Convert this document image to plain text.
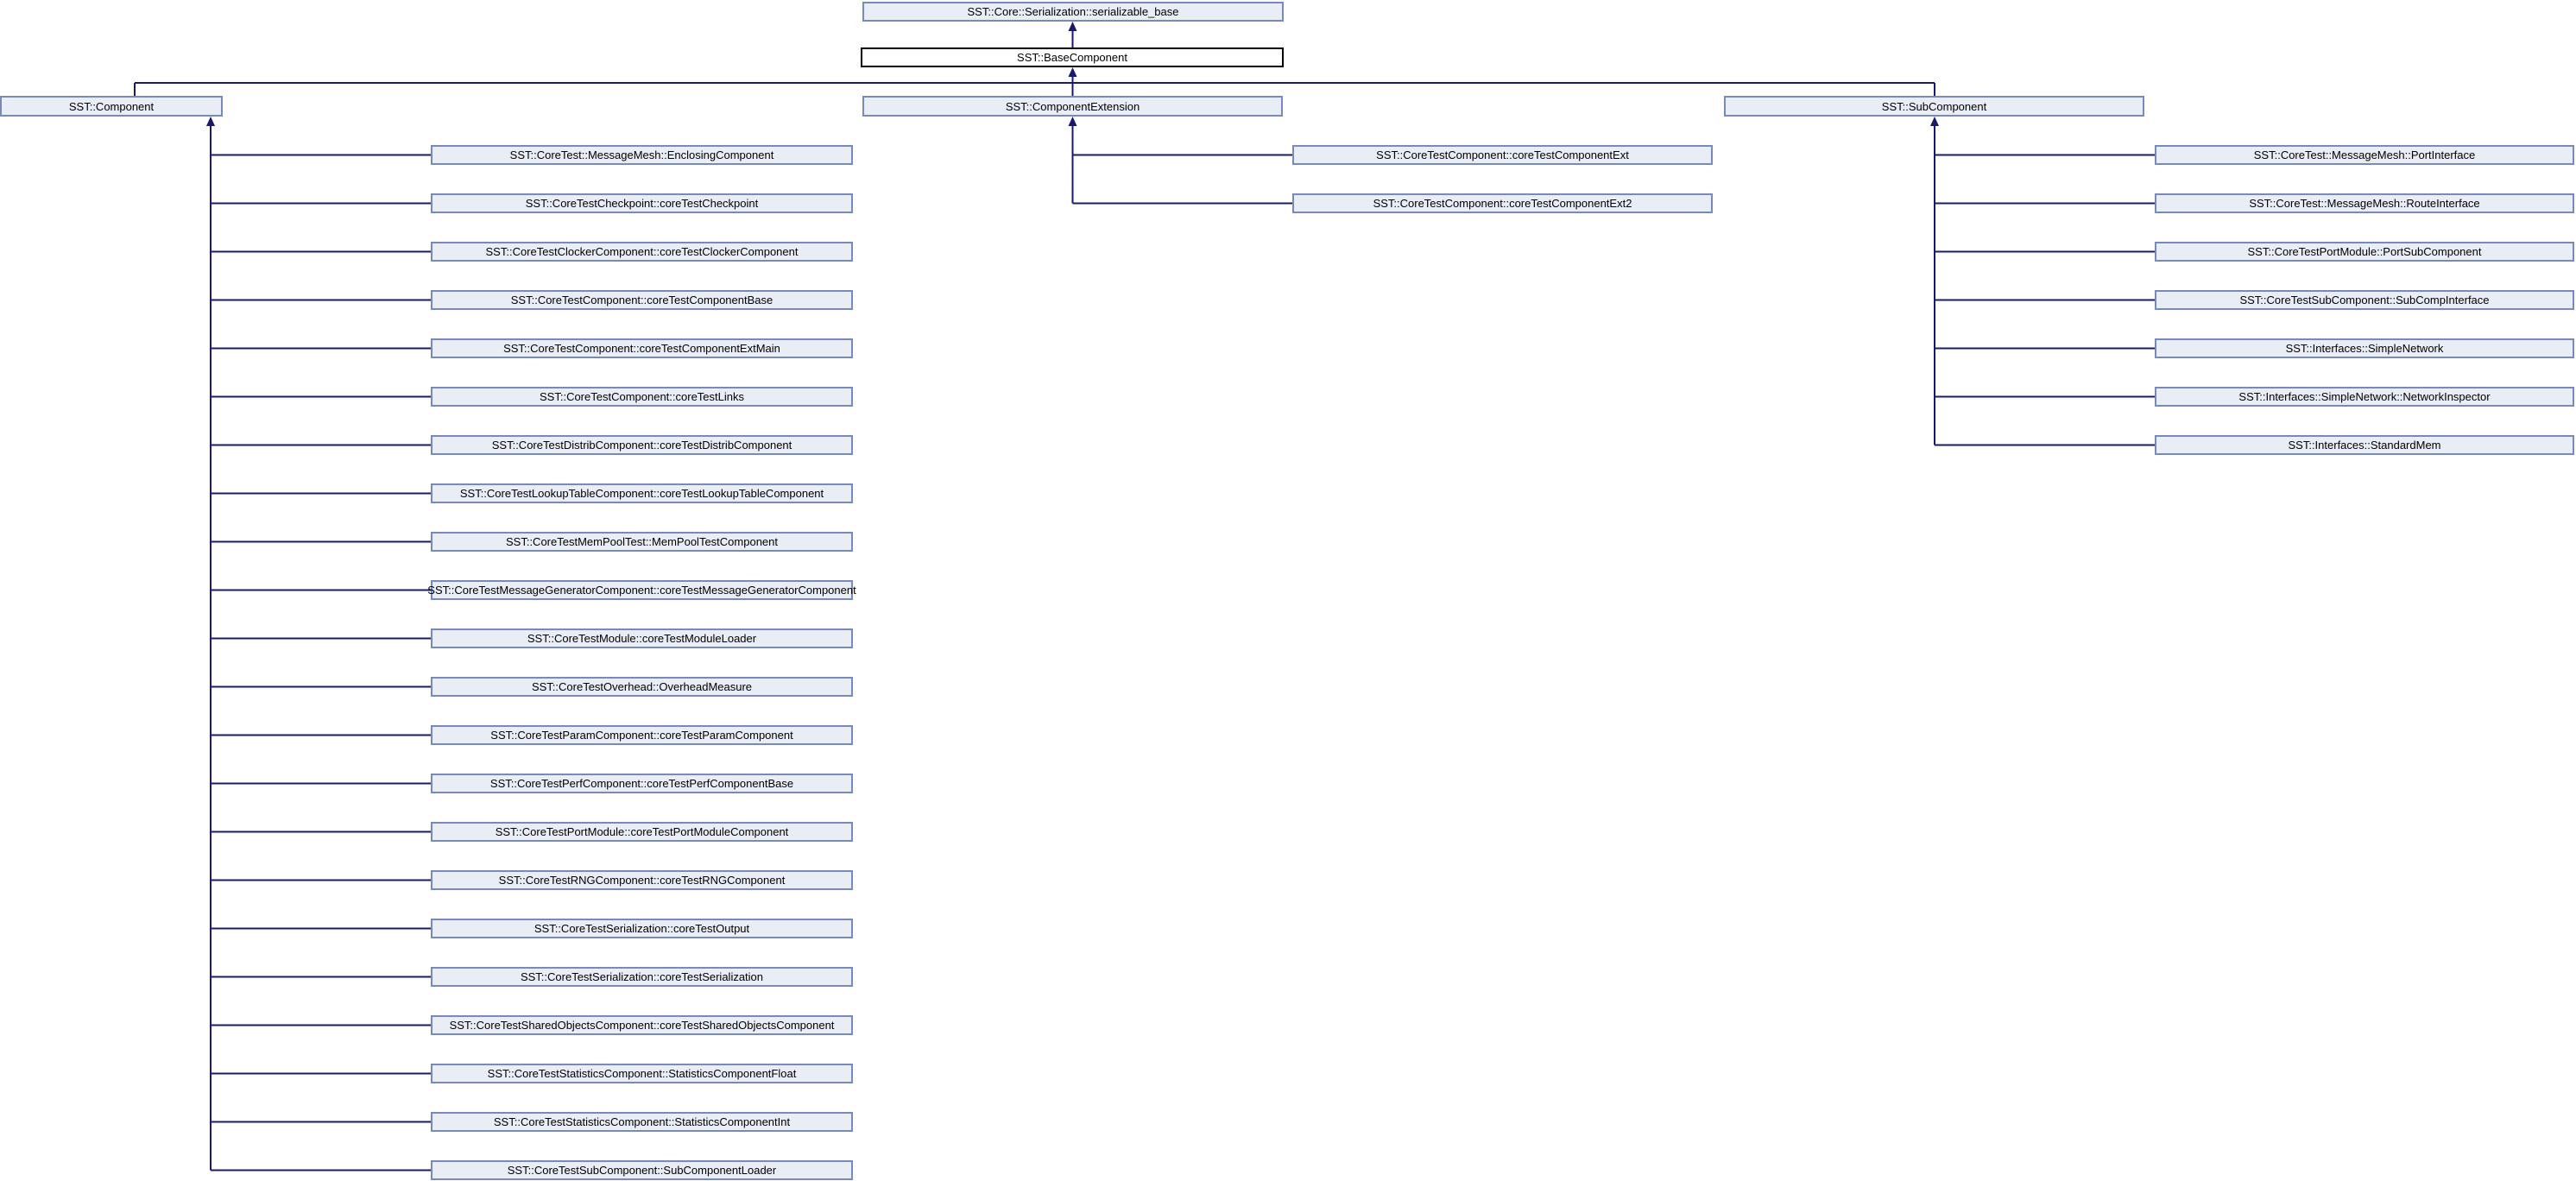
SST::Core::Serialization::serializable_base
SST::BaseComponent
SST::Component	SST::ComponentExtension	SST::SubComponent
SST::CoreTest::MessageMesh::EnclosingComponent
SST::CoreTestCheckpoint::coreTestCheckpoint
SST::CoreTestClockerComponent::coreTestClockerComponent
SST::CoreTestComponent::coreTestComponentBase
SST::CoreTestComponent::coreTestComponentExtMain
SST::CoreTestComponent::coreTestLinks
SST::CoreTestDistribComponent::coreTestDistribComponent
SST::CoreTestLookupTableComponent::coreTestLookupTableComponent
SST::CoreTestMemPoolTest::MemPoolTestComponent
SST::CoreTestMessageGeneratorComponent::coreTestMessageGeneratorComponent
SST::CoreTestModule::coreTestModuleLoader
SST::CoreTestOverhead::OverheadMeasure
SST::CoreTestParamComponent::coreTestParamComponent
SST::CoreTestPerfComponent::coreTestPerfComponentBase
SST::CoreTestPortModule::coreTestPortModuleComponent
SST::CoreTestRNGComponent::coreTestRNGComponent
SST::CoreTestSerialization::coreTestOutput
SST::CoreTestSerialization::coreTestSerialization
SST::CoreTestSharedObjectsComponent::coreTestSharedObjectsComponent
SST::CoreTestStatisticsComponent::StatisticsComponentFloat
SST::CoreTestStatisticsComponent::StatisticsComponentInt
SST::CoreTestSubComponent::SubComponentLoader
SST::CoreTestComponent::coreTestComponentExt
SST::CoreTestComponent::coreTestComponentExt2
SST::CoreTest::MessageMesh::PortInterface
SST::CoreTest::MessageMesh::RouteInterface
SST::CoreTestPortModule::PortSubComponent
SST::CoreTestSubComponent::SubCompInterface
SST::Interfaces::SimpleNetwork
SST::Interfaces::SimpleNetwork::NetworkInspector
SST::Interfaces::StandardMem
